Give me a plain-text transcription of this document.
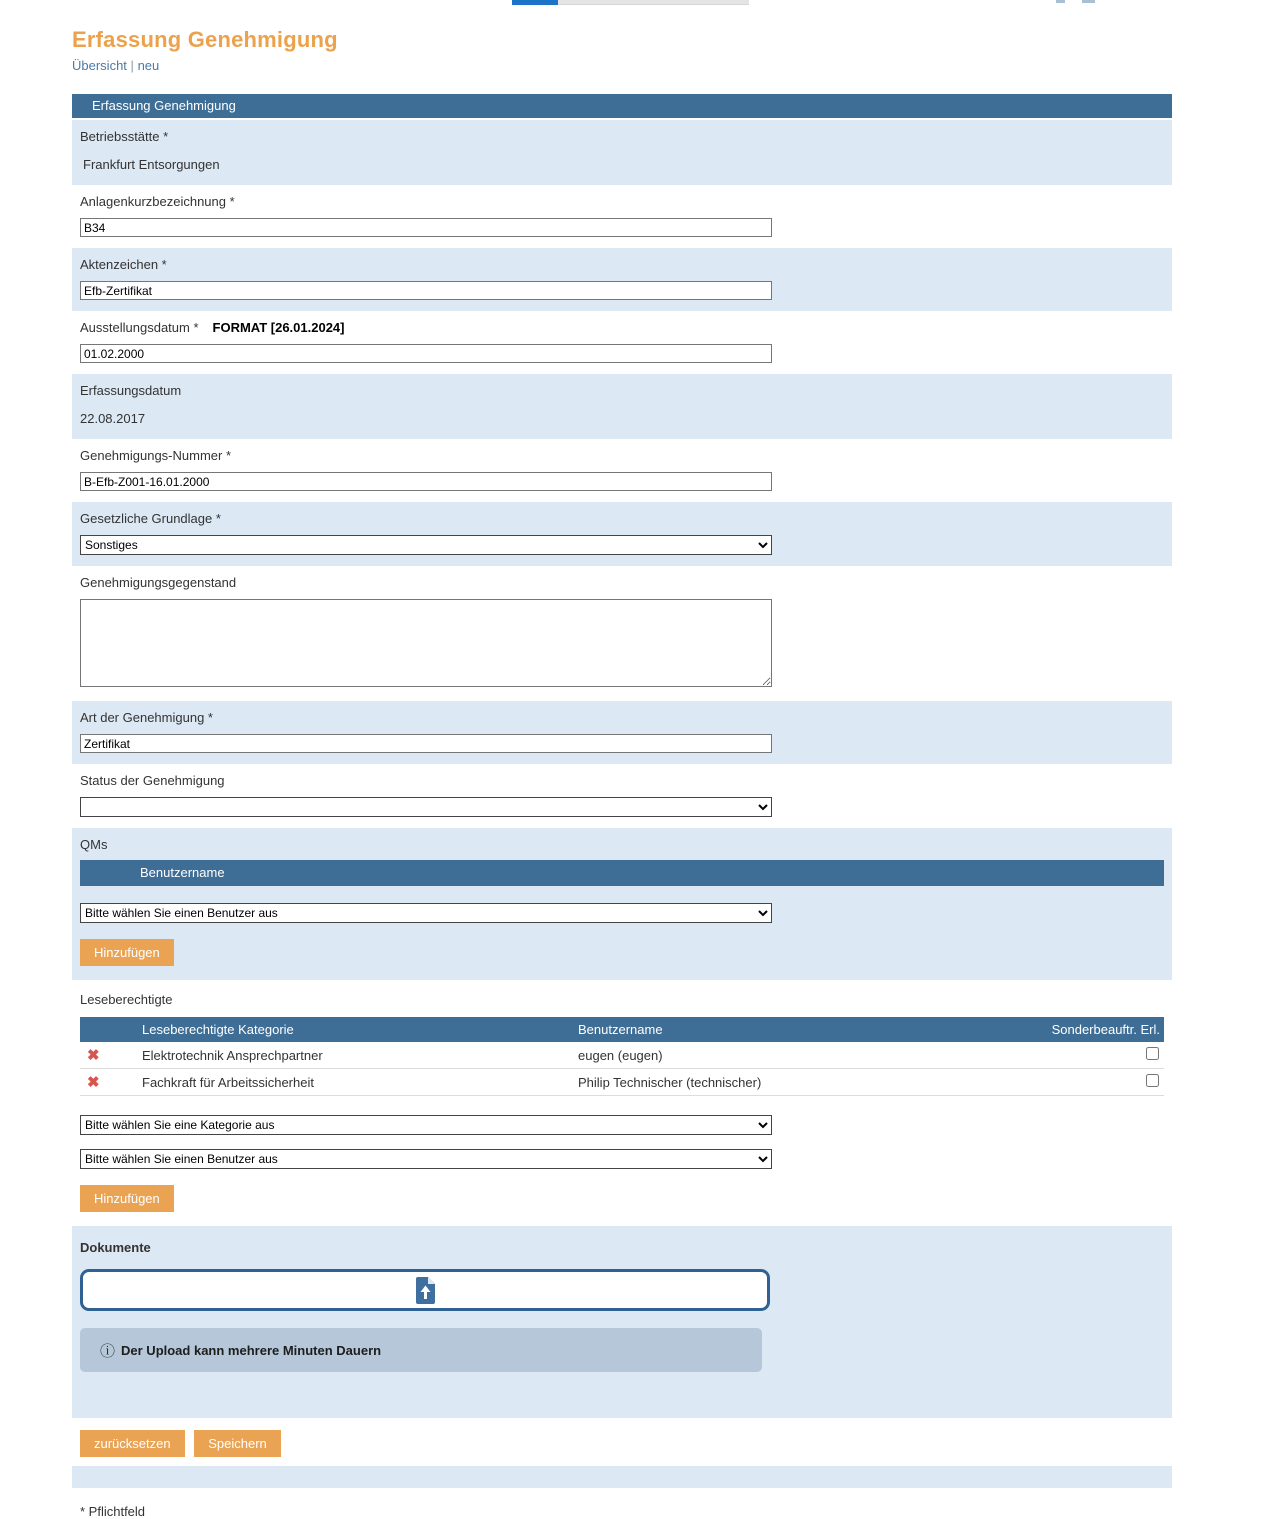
Erfassung Genehmigung
Übersicht | neu
Erfassung Genehmigung
Betriebsstätte *
Frankfurt Entsorgungen
Anlagenkurzbezeichnung *
B34
Aktenzeichen *
Efb-Zertifikat
Ausstellungsdatum * FORMAT [26.01.2024]
01.02.2000
Erfassungsdatum
22.08.2017
Genehmigungs-Nummer *
B-Efb-Z001-16.01.2000
Gesetzliche Grundlage *
Sonstiges
Genehmigungsgegenstand
Art der Genehmigung *
Zertifikat
Status der Genehmigung
QMs
Benutzername
Bitte wählen Sie einen Benutzer aus Hinzufügen
Leseberechtigte
	Leseberechtigte Kategorie	Benutzername	Sonderbeauftr. Erl.
✖	Elektrotechnik Ansprechpartner	eugen (eugen)	
✖	Fachkraft für Arbeitssicherheit	Philip Technischer (technischer)	
Bitte wählen Sie eine Kategorie aus
Bitte wählen Sie einen Benutzer aus Hinzufügen
Dokumente
ⓘ Der Upload kann mehrere Minuten Dauern
zurücksetzen	Speichern
* Pflichtfeld
